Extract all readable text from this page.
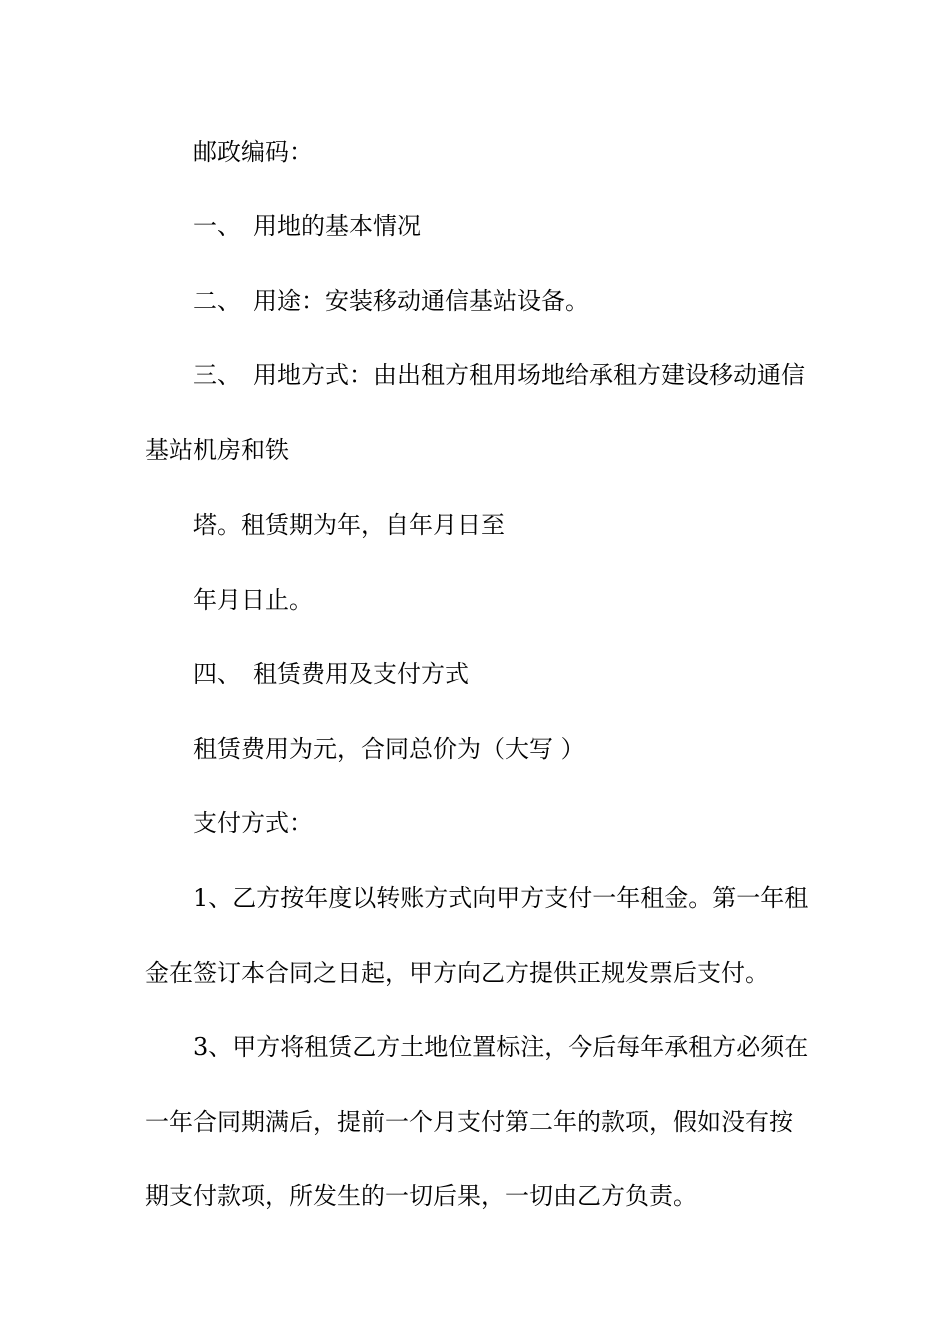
邮政编码：
一、 用地的基本情况
二、 用途：安装移动通信基站设备。
三、 用地方式：由出租方租用场地给承租方建设移动通信
基站机房和铁
塔。租赁期为年，自年月日至
年月日止。
四、 租赁费用及支付方式
租赁费用为元，合同总价为（大写 ）
支付方式：
1、乙方按年度以转账方式向甲方支付一年租金。第一年租
金在签订本合同之日起，甲方向乙方提供正规发票后支付。
3、甲方将租赁乙方土地位置标注，今后每年承租方必须在
一年合同期满后，提前一个月支付第二年的款项，假如没有按
期支付款项，所发生的一切后果，一切由乙方负责。
